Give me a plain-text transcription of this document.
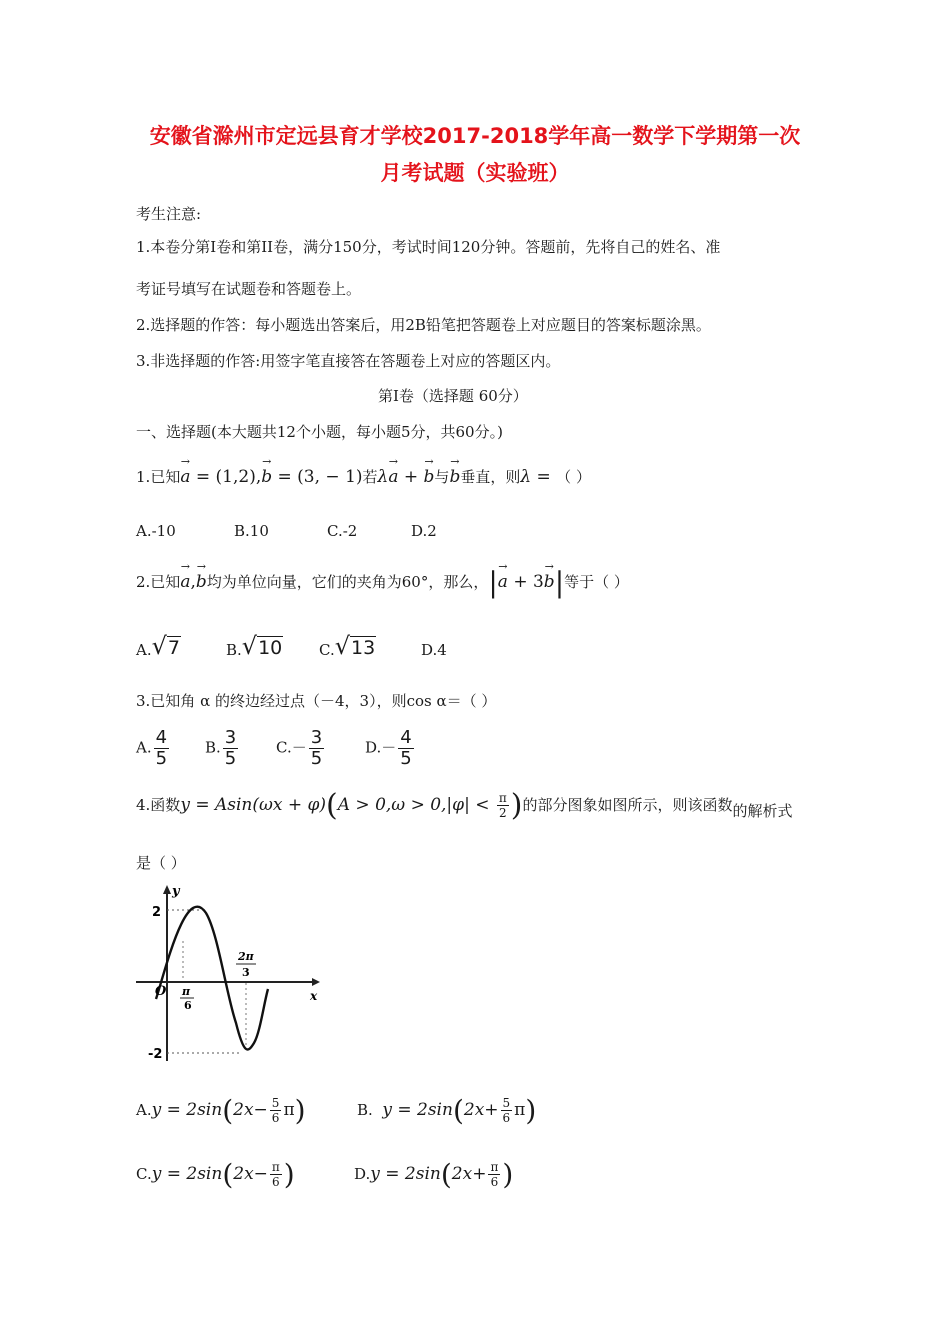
安徽省滁州市定远县育才学校2017-2018学年高一数学下学期第一次
月考试题（实验班）
考生注意:
1.本卷分第Ⅰ卷和第II卷，满分150分，考试时间120分钟。答题前，先将自己的姓名、准
考证号填写在试题卷和答题卷上。
2.选择题的作答：每小题选出答案后，用2B铅笔把答题卷上对应题目的答案标题涂黑。
3.非选择题的作答:用签字笔直接答在答题卷上对应的答题区内。
第Ⅰ卷（选择题 60分）
一、选择题(本大题共12个小题，每小题5分，共60分。)
1.已知→ a = (1,2),→ b = (3, − 1)若λ→ a + → b与→ b垂直，则λ = （ ）
A.-10	B.10	C.-2	D.2
2.已知→ a,→ b均为单位向量，它们的夹角为60°，那么，|→ a + 3→ b|等于（ ）
A.√7	B.√10 C.√13	D.4
3.已知角 α 的终边经过点（－4，3），则cos α＝（ ）
A. $\frac{4}{5} B$. $\frac{3}{5}$	$C.- \frac{3}{5}$	$D.- \frac{4}{5}$
4.函数$y = Asin(\omega x + \varphi)(A > 0,\omega > 0,|\varphi| < \frac{\pi}{2}$ )的部分图象如图所示，则该函数的解析式
是（ ）
y
x
O
2
-2
π
6
2π
3
$A.y = 2\sin(2x- \frac{5}{6} \pi)$	B. $y = 2\sin(2x+ \frac{5}{6} \pi)$
$C.y = 2\sin(2x- \frac{\pi}{6}$ )	$D.y = 2\sin(2x+ \frac{\pi}{6}$ )
